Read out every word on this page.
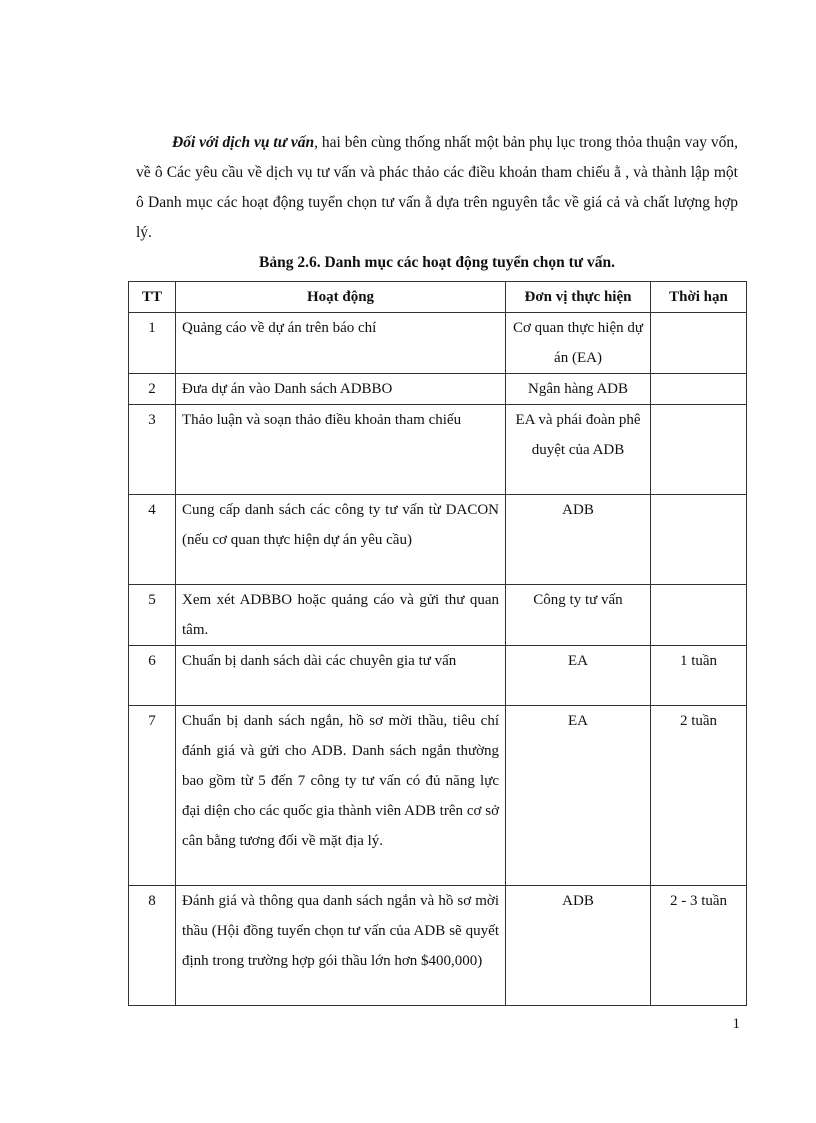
Đối với dịch vụ tư vấn, hai bên cùng thống nhất một bản phụ lục trong thỏa thuận vay vốn, về ô Các yêu cầu về dịch vụ tư vấn và phác thảo các điều khoản tham chiếu ằ , và thành lập một ô Danh mục các hoạt động tuyển chọn tư vấn ằ dựa trên nguyên tắc về giá cả và chất lượng hợp lý.

Bảng 2.6. Danh mục các hoạt động tuyển chọn tư vấn.
TT	Hoạt động	Đơn vị thực hiện	Thời hạn
1	Quảng cáo về dự án trên báo chí	Cơ quan thực hiện dự án (EA)	
2	Đưa dự án vào Danh sách ADBBO	Ngân hàng ADB	
3	Thảo luận và soạn thảo điều khoản tham chiếu	EA và phái đoàn phê duyệt của ADB	
4	Cung cấp danh sách các công ty tư vấn từ DACON (nếu cơ quan thực hiện dự án yêu cầu)	ADB	
5	Xem xét ADBBO hoặc quảng cáo và gửi thư quan tâm.	Công ty tư vấn	
6	Chuẩn bị danh sách dài các chuyên gia tư vấn	EA	1 tuần
7	Chuẩn bị danh sách ngắn, hồ sơ mời thầu, tiêu chí đánh giá và gửi cho ADB. Danh sách ngắn thường bao gồm từ 5 đến 7 công ty tư vấn có đủ năng lực đại diện cho các quốc gia thành viên ADB trên cơ sở cân bằng tương đối về mặt địa lý.	EA	2 tuần
8	Đánh giá và thông qua danh sách ngắn và hồ sơ mời thầu (Hội đồng tuyển chọn tư vấn của ADB sẽ quyết định trong trường hợp gói thầu lớn hơn $400,000)	ADB	2 - 3 tuần
1
